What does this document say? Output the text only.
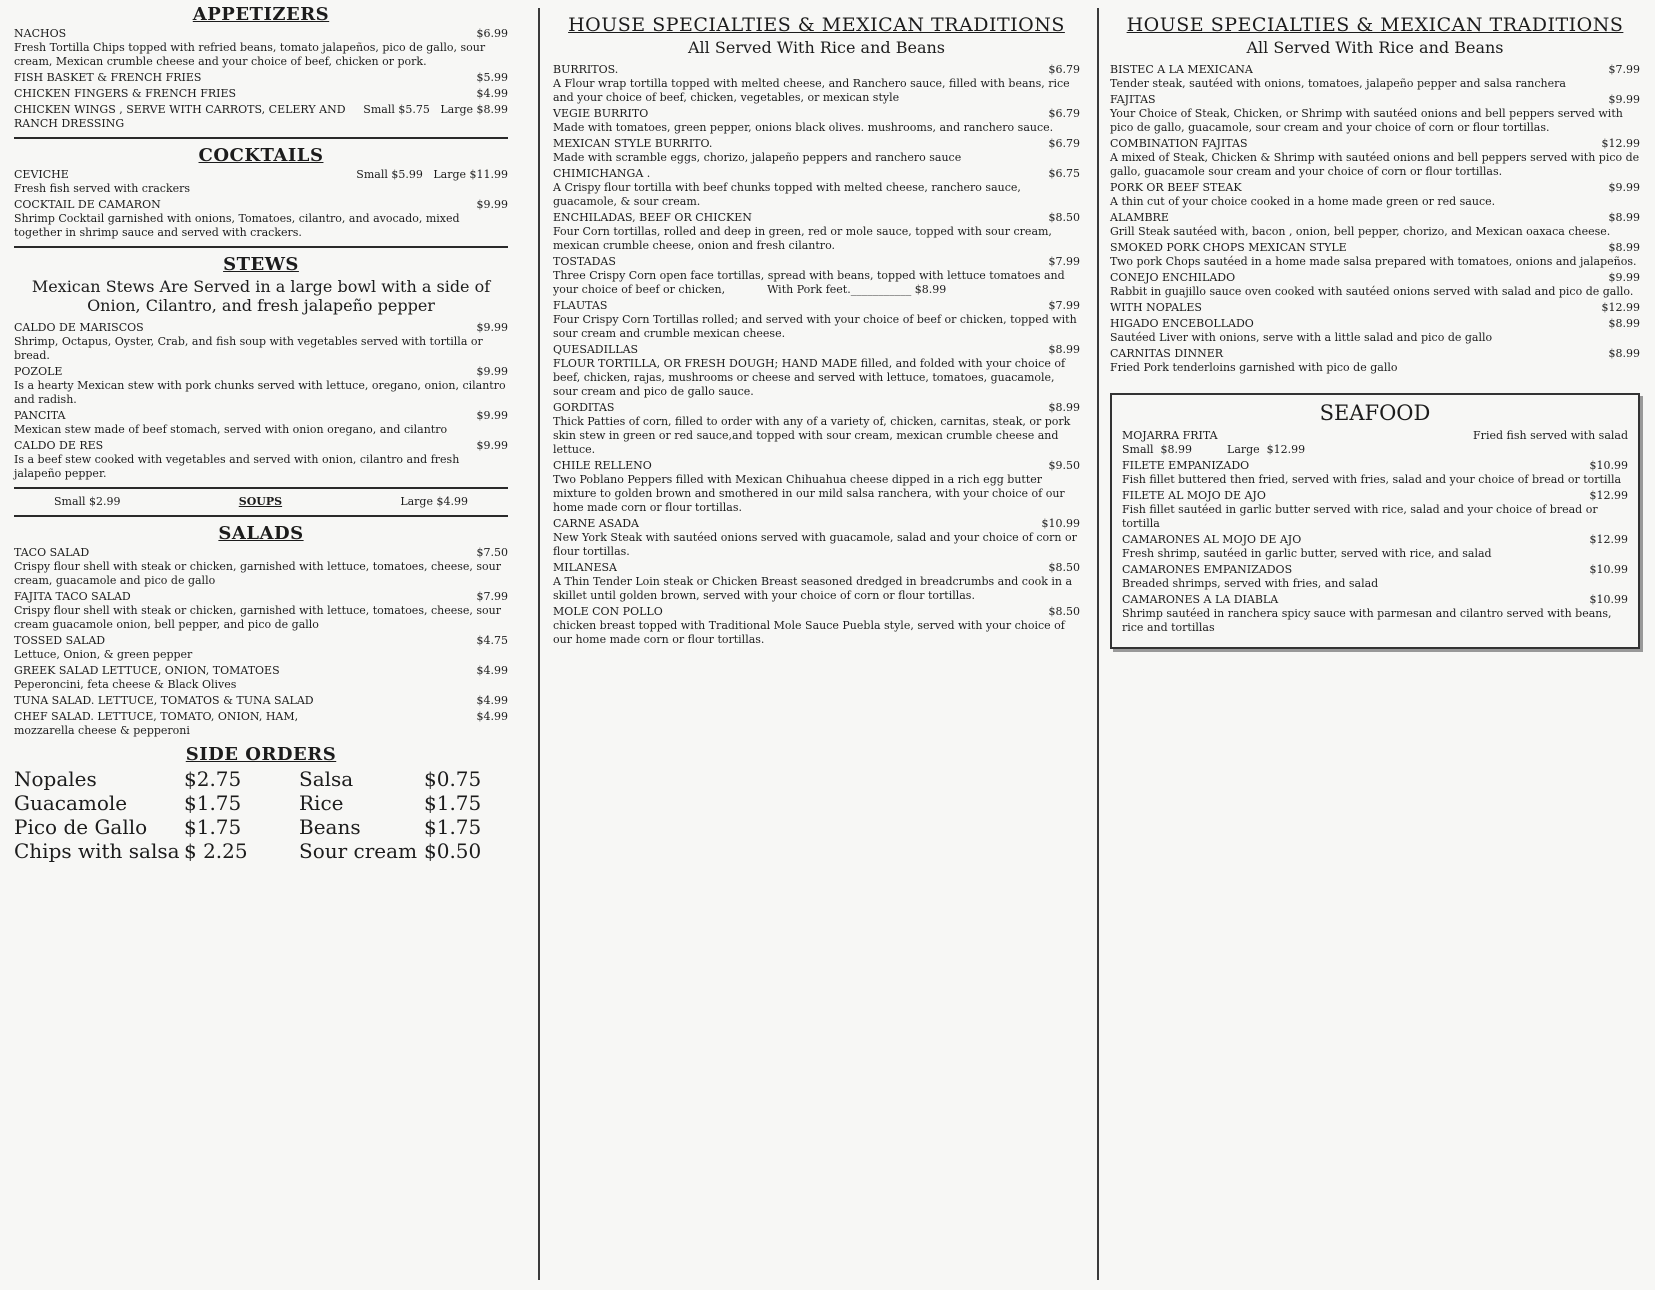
APPETIZERS
NACHOS	$6.99
Fresh Tortilla Chips topped with refried beans, tomato jalapeños, pico de gallo, sour cream, Mexican crumble cheese and your choice of beef, chicken or pork.
FISH BASKET & FRENCH FRIES	$5.99
CHICKEN FINGERS & FRENCH FRIES	$4.99
CHICKEN WINGS , SERVE WITH CARROTS, CELERY AND RANCH DRESSING
Small $5.75   Large $8.99
COCKTAILS
CEVICHE	Small $5.99   Large $11.99
Fresh fish served with crackers
COCKTAIL DE CAMARON	$9.99
Shrimp Cocktail garnished with onions, Tomatoes, cilantro, and avocado, mixed together in shrimp sauce and served with crackers.
STEWS
Mexican Stews Are Served in a large bowl with a side of Onion, Cilantro, and fresh jalapeño pepper
CALDO DE MARISCOS	$9.99
Shrimp, Octapus, Oyster, Crab, and fish soup with vegetables served with tortilla or bread.
POZOLE	$9.99
Is a hearty Mexican stew with pork chunks served with lettuce, oregano, onion, cilantro and radish.
PANCITA	$9.99
Mexican stew made of beef stomach, served with onion oregano, and cilantro
CALDO DE RES	$9.99
Is a beef stew cooked with vegetables and served with onion, cilantro and fresh jalapeño pepper.
Small $2.99	SOUPS	Large $4.99
SALADS
TACO SALAD	$7.50
Crispy flour shell with steak or chicken, garnished with lettuce, tomatoes, cheese, sour cream, guacamole and pico de gallo
FAJITA TACO SALAD	$7.99
Crispy flour shell with steak or chicken, garnished with lettuce, tomatoes, cheese, sour cream guacamole onion, bell pepper, and pico de gallo
TOSSED SALAD	$4.75
Lettuce, Onion, & green pepper
GREEK SALAD LETTUCE, ONION, TOMATOES	$4.99
Peperoncini, feta cheese & Black Olives
TUNA SALAD. LETTUCE, TOMATOS & TUNA SALAD	$4.99
CHEF SALAD. LETTUCE, TOMATO, ONION, HAM,	$4.99
mozzarella cheese & pepperoni
SIDE ORDERS
Nopales	$2.75	Salsa	$0.75
Guacamole	$1.75	Rice	$1.75
Pico de Gallo	$1.75	Beans	$1.75
Chips with salsa $ 2.25	Sour cream $0.50
HOUSE SPECIALTIES & MEXICAN TRADITIONS
All Served With Rice and Beans
BURRITOS.	$6.79
A Flour wrap tortilla topped with melted cheese, and Ranchero sauce, filled with beans, rice and your choice of beef, chicken, vegetables, or mexican style
VEGIE BURRITO	$6.79
Made with tomatoes, green pepper, onions black olives. mushrooms, and ranchero sauce.
MEXICAN STYLE BURRITO.	$6.79
Made with scramble eggs, chorizo, jalapeño peppers and ranchero sauce
CHIMICHANGA .	$6.75
A Crispy flour tortilla with beef chunks topped with melted cheese, ranchero sauce, guacamole, & sour cream.
ENCHILADAS, BEEF OR CHICKEN	$8.50
Four Corn tortillas, rolled and deep in green, red or mole sauce, topped with sour cream, mexican crumble cheese, onion and fresh cilantro.
TOSTADAS	$7.99
Three Crispy Corn open face tortillas, spread with beans, topped with lettuce tomatoes and your choice of beef or chicken,            With Pork feet.___________ $8.99
FLAUTAS	$7.99
Four Crispy Corn Tortillas rolled; and served with your choice of beef or chicken, topped with sour cream and crumble mexican cheese.
QUESADILLAS	$8.99
FLOUR TORTILLA, OR FRESH DOUGH; HAND MADE filled, and folded with your choice of beef, chicken, rajas, mushrooms or cheese and served with lettuce, tomatoes, guacamole, sour cream and pico de gallo sauce.
GORDITAS	$8.99
Thick Patties of corn, filled to order with any of a variety of, chicken, carnitas, steak, or pork skin stew in green or red sauce,and topped with sour cream, mexican crumble cheese and lettuce.
CHILE RELLENO	$9.50
Two Poblano Peppers filled with Mexican Chihuahua cheese dipped in a rich egg butter mixture to golden brown and smothered in our mild salsa ranchera, with your choice of our home made corn or flour tortillas.
CARNE ASADA	$10.99
New York Steak with sautéed onions served with guacamole, salad and your choice of corn or flour tortillas.
MILANESA	$8.50
A Thin Tender Loin steak or Chicken Breast seasoned dredged in breadcrumbs and cook in a skillet until golden brown, served with your choice of corn or flour tortillas.
MOLE CON POLLO	$8.50
chicken breast topped with Traditional Mole Sauce Puebla style, served with your choice of our home made corn or flour tortillas.
HOUSE SPECIALTIES & MEXICAN TRADITIONS
All Served With Rice and Beans
BISTEC A LA MEXICANA	$7.99
Tender steak, sautéed with onions, tomatoes, jalapeño pepper and salsa ranchera
FAJITAS	$9.99
Your Choice of Steak, Chicken, or Shrimp with sautéed onions and bell peppers served with pico de gallo, guacamole, sour cream and your choice of corn or flour tortillas.
COMBINATION FAJITAS	$12.99
A mixed of Steak, Chicken & Shrimp with sautéed onions and bell peppers served with pico de gallo, guacamole sour cream and your choice of corn or flour tortillas.
PORK OR BEEF STEAK	$9.99
A thin cut of your choice cooked in a home made green or red sauce.
ALAMBRE	$8.99
Grill Steak sautéed with, bacon , onion, bell pepper, chorizo, and Mexican oaxaca cheese.
SMOKED PORK CHOPS MEXICAN STYLE	$8.99
Two pork Chops sautéed in a home made salsa prepared with tomatoes, onions and jalapeños.
CONEJO ENCHILADO	$9.99
Rabbit in guajillo sauce oven cooked with sautéed onions served with salad and pico de gallo.
WITH NOPALES	$12.99
HIGADO ENCEBOLLADO	$8.99
Sautéed Liver with onions, serve with a little salad and pico de gallo
CARNITAS DINNER	$8.99
Fried Pork tenderloins garnished with pico de gallo
SEAFOOD
MOJARRA FRITA	Fried fish served with salad
Small  $8.99          Large  $12.99
FILETE EMPANIZADO	$10.99
Fish fillet buttered then fried, served with fries, salad and your choice of bread or tortilla
FILETE AL MOJO DE AJO	$12.99
Fish fillet sautéed in garlic butter served with rice, salad and your choice of bread or tortilla
CAMARONES AL MOJO DE AJO	$12.99
Fresh shrimp, sautéed in garlic butter, served with rice, and salad
CAMARONES EMPANIZADOS	$10.99
Breaded shrimps, served with fries, and salad
CAMARONES A LA DIABLA	$10.99
Shrimp sautéed in ranchera spicy sauce with parmesan and cilantro served with beans, rice and tortillas
